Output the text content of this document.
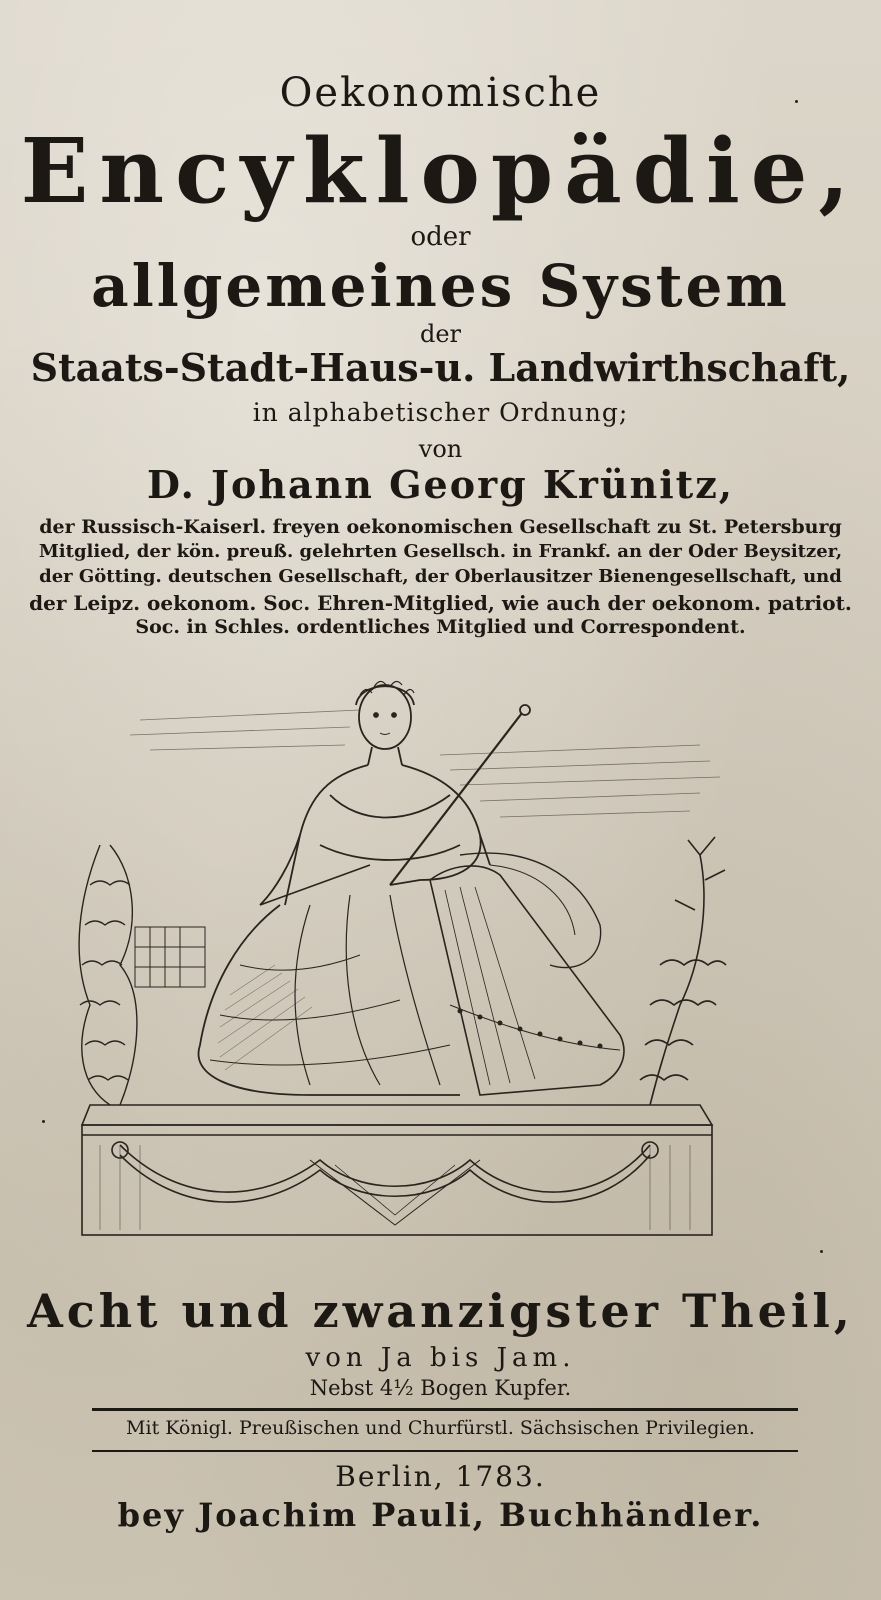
Oekonomische
Encyklopädie,
oder
allgemeines System
der
Staats-Stadt-Haus-u. Landwirthschaft,
in alphabetischer Ordnung;
von
D. Johann Georg Krünitz,
der Russisch-Kaiserl. freyen oekonomischen Gesellschaft zu St. Petersburg
Mitglied, der kön. preuß. gelehrten Gesellsch. in Frankf. an der Oder Beysitzer,
der Götting. deutschen Gesellschaft, der Oberlausitzer Bienengesellschaft, und
der Leipz. oekonom. Soc. Ehren-Mitglied, wie auch der oekonom. patriot.
Soc. in Schles. ordentliches Mitglied und Correspondent.
Acht und zwanzigster Theil,
von Ja bis Jam.
Nebst 4½ Bogen Kupfer.
Mit Königl. Preußischen und Churfürstl. Sächsischen Privilegien.
Berlin, 1783.
bey Joachim Pauli, Buchhändler.
